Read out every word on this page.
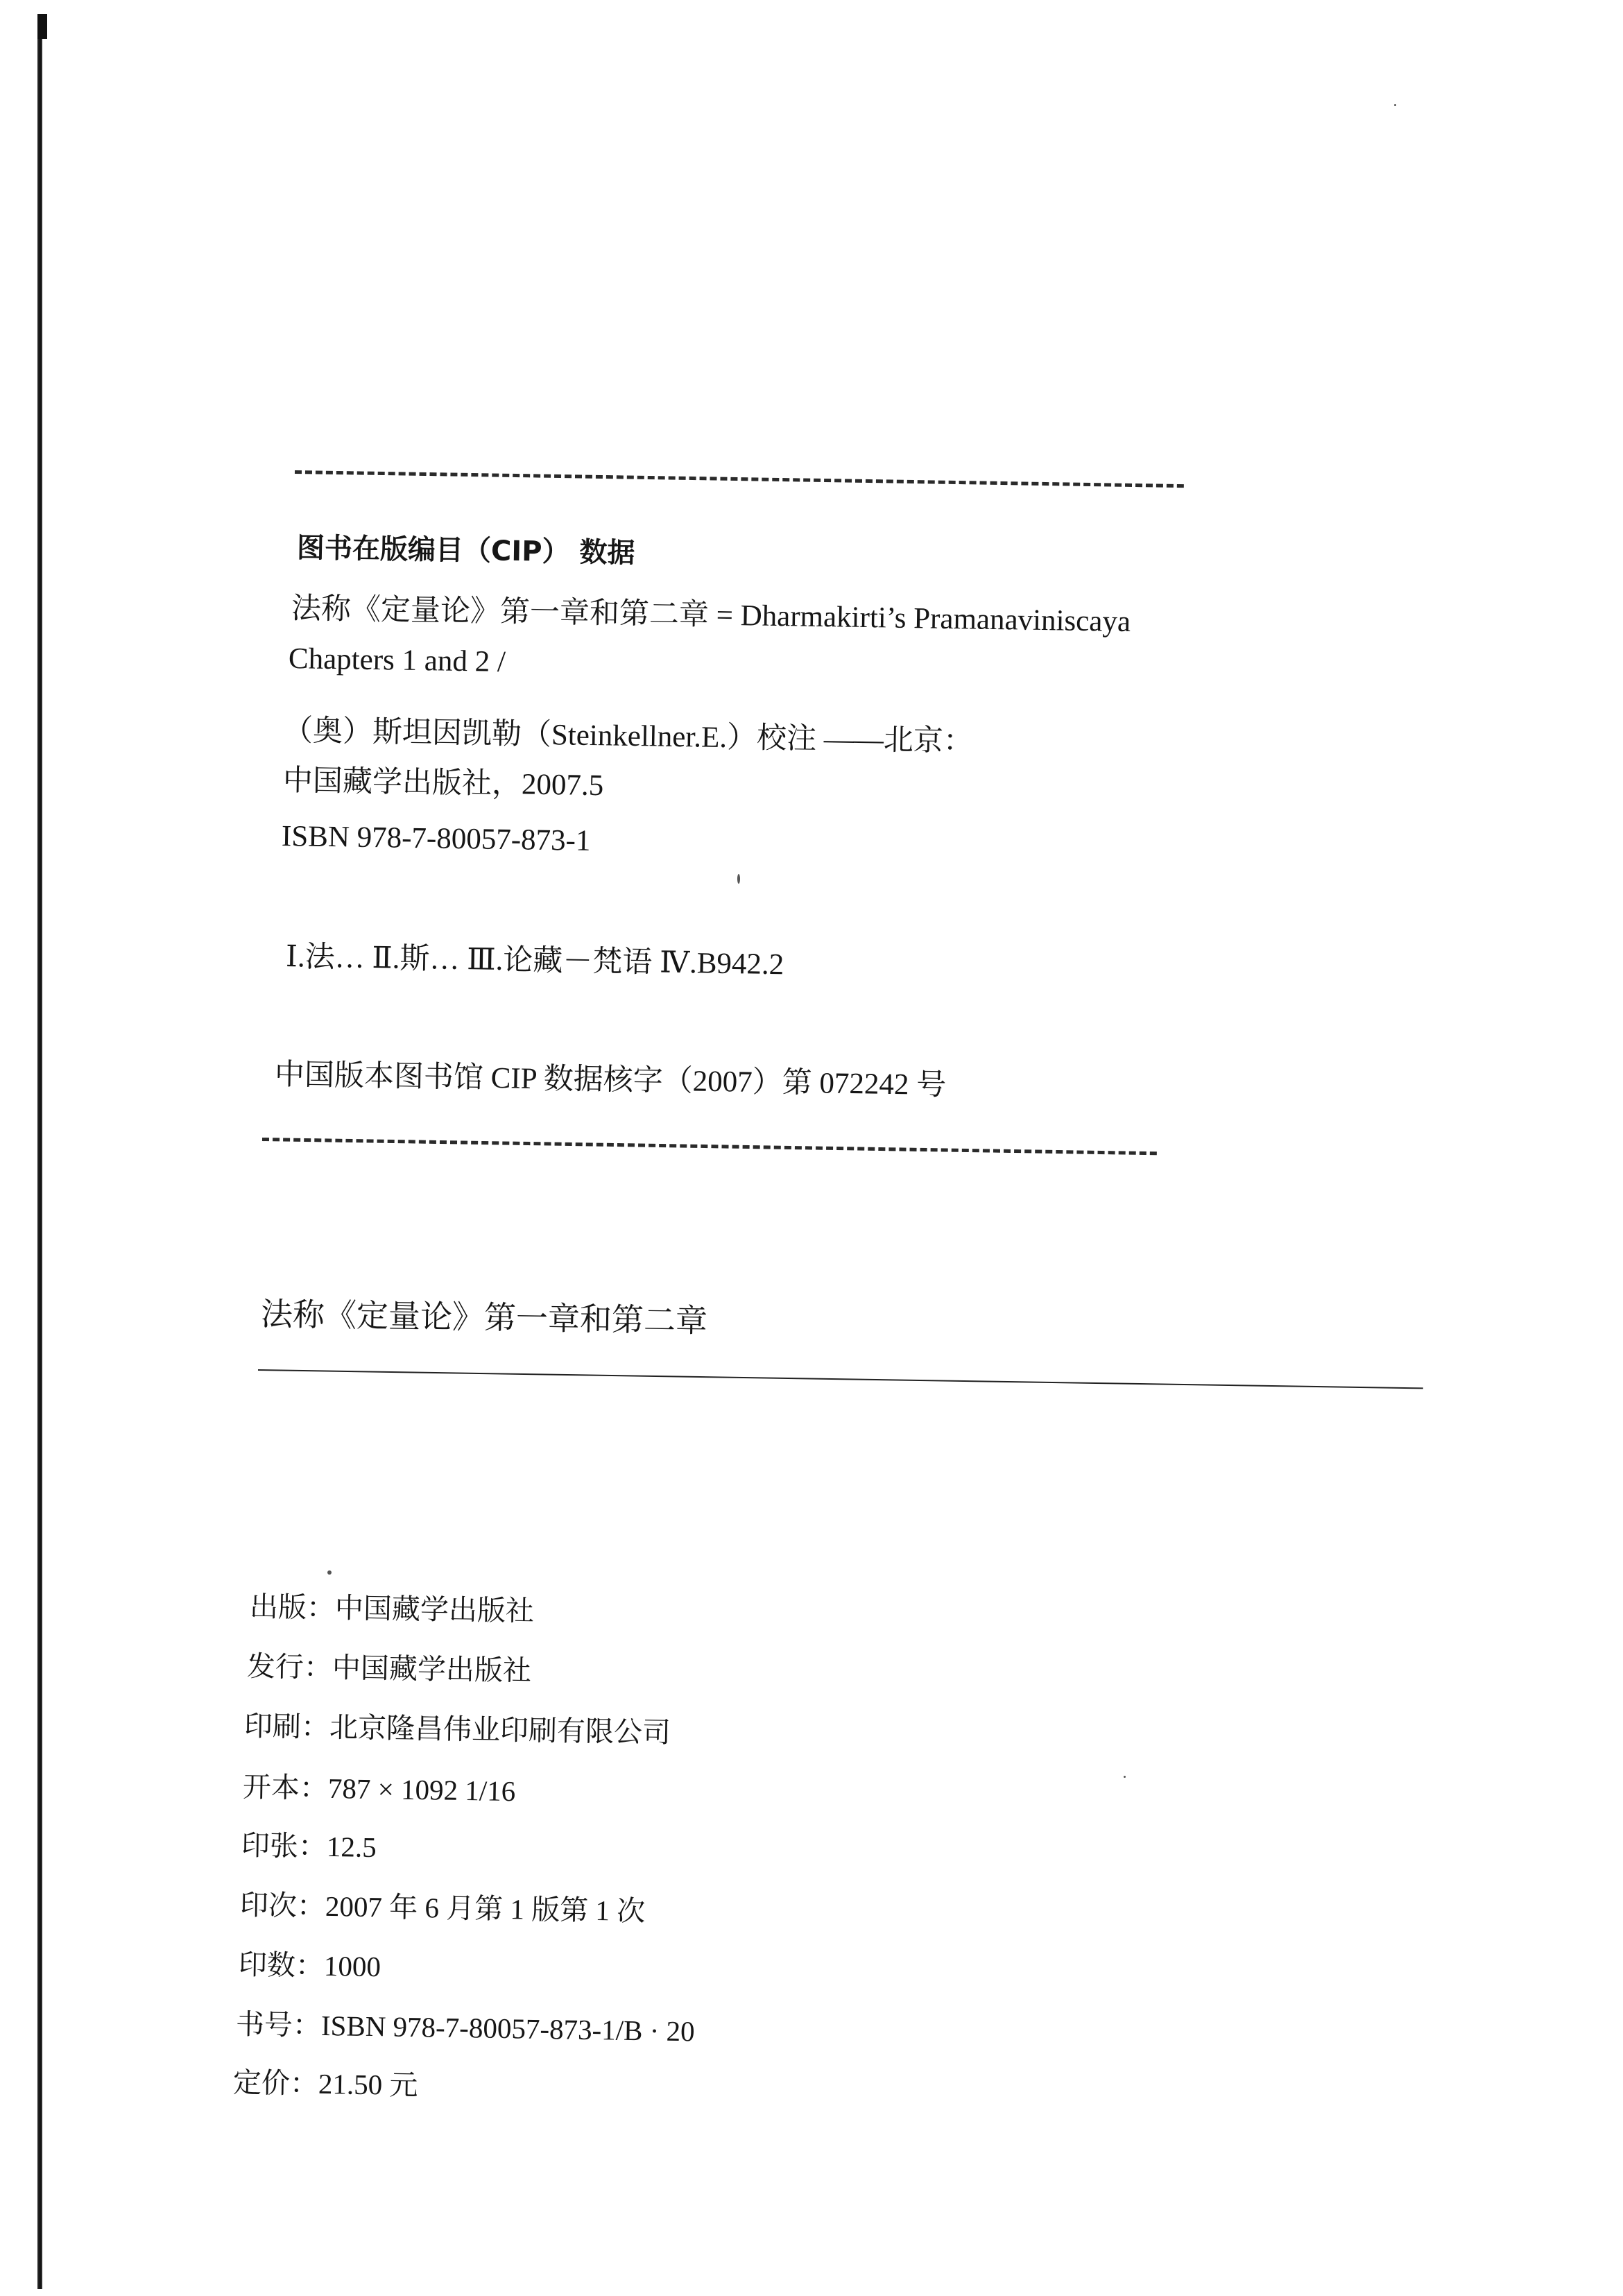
图书在版编目（CIP） 数据
法称《定量论》第一章和第二章 = Dharmakirti’s Pramanaviniscaya
Chapters 1 and 2 /
（奥）斯坦因凯勒（Steinkellner.E.）校注 ——北京：
中国藏学出版社，2007.5
ISBN 978-7-80057-873-1
Ⅰ.法… Ⅱ.斯… Ⅲ.论藏－梵语 Ⅳ.B942.2
中国版本图书馆 CIP 数据核字（2007）第 072242 号
法称《定量论》第一章和第二章
出版：中国藏学出版社
发行：中国藏学出版社
印刷：北京隆昌伟业印刷有限公司
开本：787 × 1092 1/16
印张：12.5
印次：2007 年 6 月第 1 版第 1 次
印数：1000
书号：ISBN 978-7-80057-873-1/B · 20
定价：21.50 元
